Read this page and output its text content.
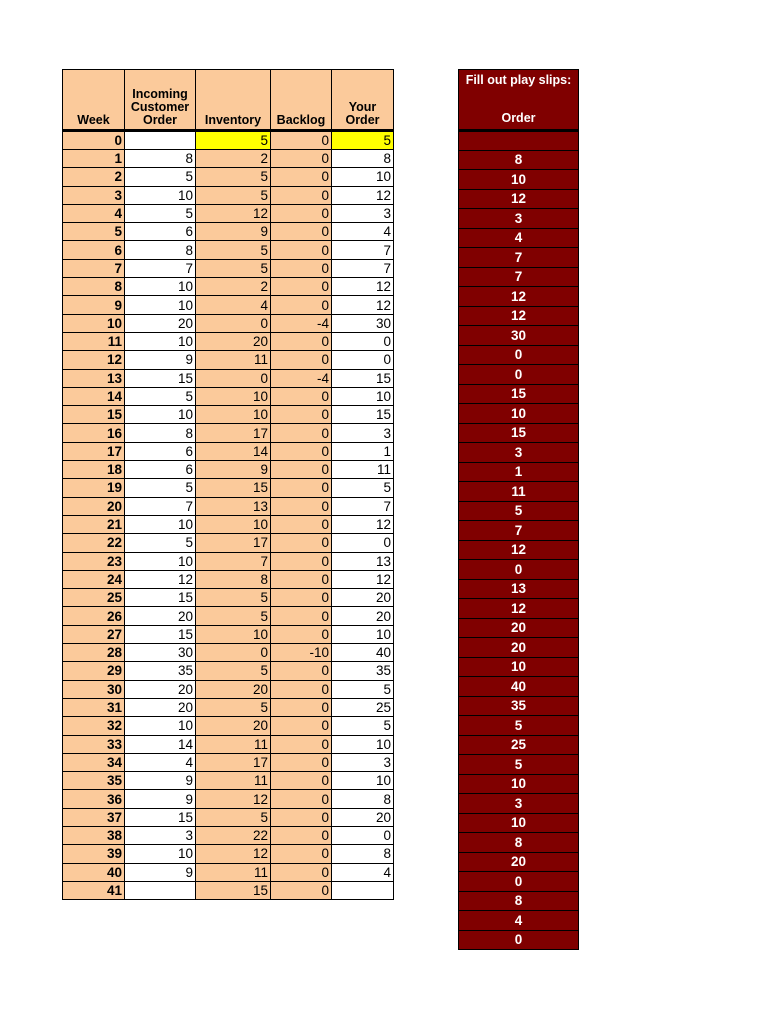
Week	Incoming
Customer
Order	Inventory	Backlog	Your
Order
0		5	0	5
1	8	2	0	8
2	5	5	0	10
3	10	5	0	12
4	5	12	0	3
5	6	9	0	4
6	8	5	0	7
7	7	5	0	7
8	10	2	0	12
9	10	4	0	12
10	20	0	-4	30
11	10	20	0	0
12	9	11	0	0
13	15	0	-4	15
14	5	10	0	10
15	10	10	0	15
16	8	17	0	3
17	6	14	0	1
18	6	9	0	11
19	5	15	0	5
20	7	13	0	7
21	10	10	0	12
22	5	17	0	0
23	10	7	0	13
24	12	8	0	12
25	15	5	0	20
26	20	5	0	20
27	15	10	0	10
28	30	0	-10	40
29	35	5	0	35
30	20	20	0	5
31	20	5	0	25
32	10	20	0	5
33	14	11	0	10
34	4	17	0	3
35	9	11	0	10
36	9	12	0	8
37	15	5	0	20
38	3	22	0	0
39	10	12	0	8
40	9	11	0	4
41		15	0	
Fill out play slips:
Order

8
10
12
3
4
7
7
12
12
30
0
0
15
10
15
3
1
11
5
7
12
0
13
12
20
20
10
40
35
5
25
5
10
3
10
8
20
0
8
4
0
